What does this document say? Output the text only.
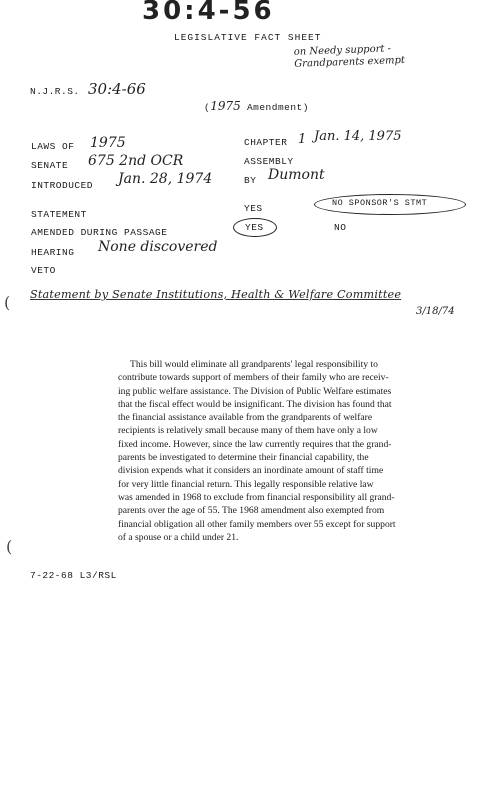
30:4-56
LEGISLATIVE FACT SHEET
on Needy support - Grandparents exempt
N.J.R.S. 30:4-66
(1975 Amendment)
LAWS OF 1975	CHAPTER 1 Jan. 14, 1975
SENATE 675 2nd OCR	ASSEMBLY
INTRODUCED Jan. 28, 1974	BY Dumont
STATEMENT
YES	NO SPONSOR'S STMT
AMENDED DURING PASSAGE	YES	NO
HEARING None discovered
VETO
( Statement by Senate Institutions, Health & Welfare Committee
3/18/74
This bill would eliminate all grandparents' legal responsibility to
contribute towards support of members of their family who are receiv-
ing public welfare assistance. The Division of Public Welfare estimates
that the fiscal effect would be insignificant. The division has found that
the financial assistance available from the grandparents of welfare
recipients is relatively small because many of them have only a low
fixed income. However, since the law currently requires that the grand-
parents be investigated to determine their financial capability, the
division expends what it considers an inordinate amount of staff time
for very little financial return. This legally responsible relative law
was amended in 1968 to exclude from financial responsibility all grand-
parents over the age of 55. The 1968 amendment also exempted from
financial obligation all other family members over 55 except for support
of a spouse or a child under 21.
(
7-22-68 L3/RSL
